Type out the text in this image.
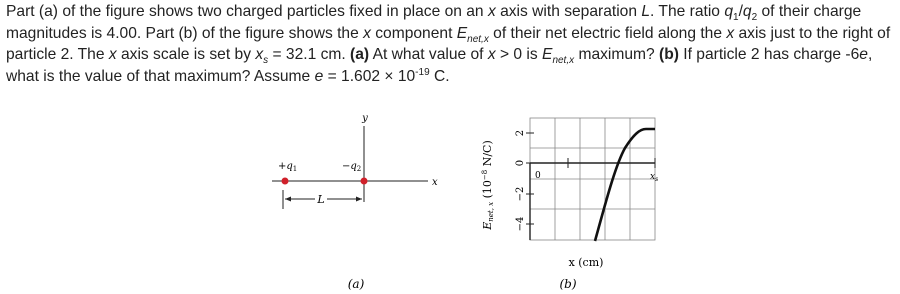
Part (a) of the figure shows two charged particles fixed in place on an x axis with separation L. The ratio $q_1/q_2$ of their charge magnitudes is 4.00. Part (b) of the figure shows the x component $E_{net,x}$ of their net electric field along the x axis just to the right of particle 2. The x axis scale is set by $x_s = 32.1$ cm. (a) At what value of x > 0 is $E_{net,x}$ maximum? (b) If particle 2 has charge -6e, what is the value of that maximum? Assume $e = 1.602 \times 10^{-19}$ C.

y
x
$+q_1$	$-q_2$
L
(a)
2
0
−2
−4
0	$x_s$
Enet, x ($10^{-8}$ N/C)
x (cm)
(b)
